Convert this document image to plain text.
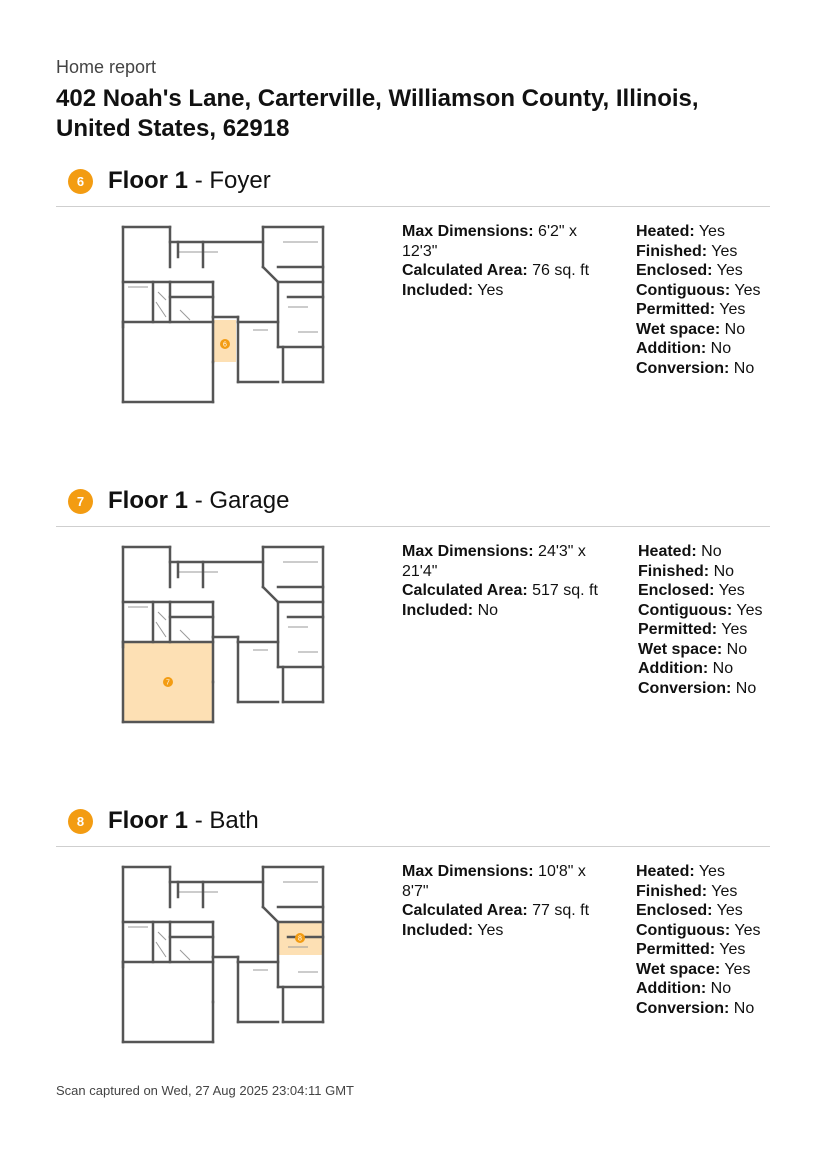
Home report
402 Noah's Lane, Carterville, Williamson County, Illinois, United States, 62918
6 Floor 1 - Foyer
6
Max Dimensions: 6'2" x 12'3"
Calculated Area: 76 sq. ft
Included: Yes
Heated: Yes
Finished: Yes
Enclosed: Yes
Contiguous: Yes
Permitted: Yes
Wet space: No
Addition: No
Conversion: No
7 Floor 1 - Garage
7
Max Dimensions: 24'3" x 21'4"
Calculated Area: 517 sq. ft
Included: No
Heated: No
Finished: No
Enclosed: Yes
Contiguous: Yes
Permitted: Yes
Wet space: No
Addition: No
Conversion: No
8 Floor 1 - Bath
8
Max Dimensions: 10'8" x 8'7"
Calculated Area: 77 sq. ft
Included: Yes
Heated: Yes
Finished: Yes
Enclosed: Yes
Contiguous: Yes
Permitted: Yes
Wet space: Yes
Addition: No
Conversion: No
Scan captured on Wed, 27 Aug 2025 23:04:11 GMT
